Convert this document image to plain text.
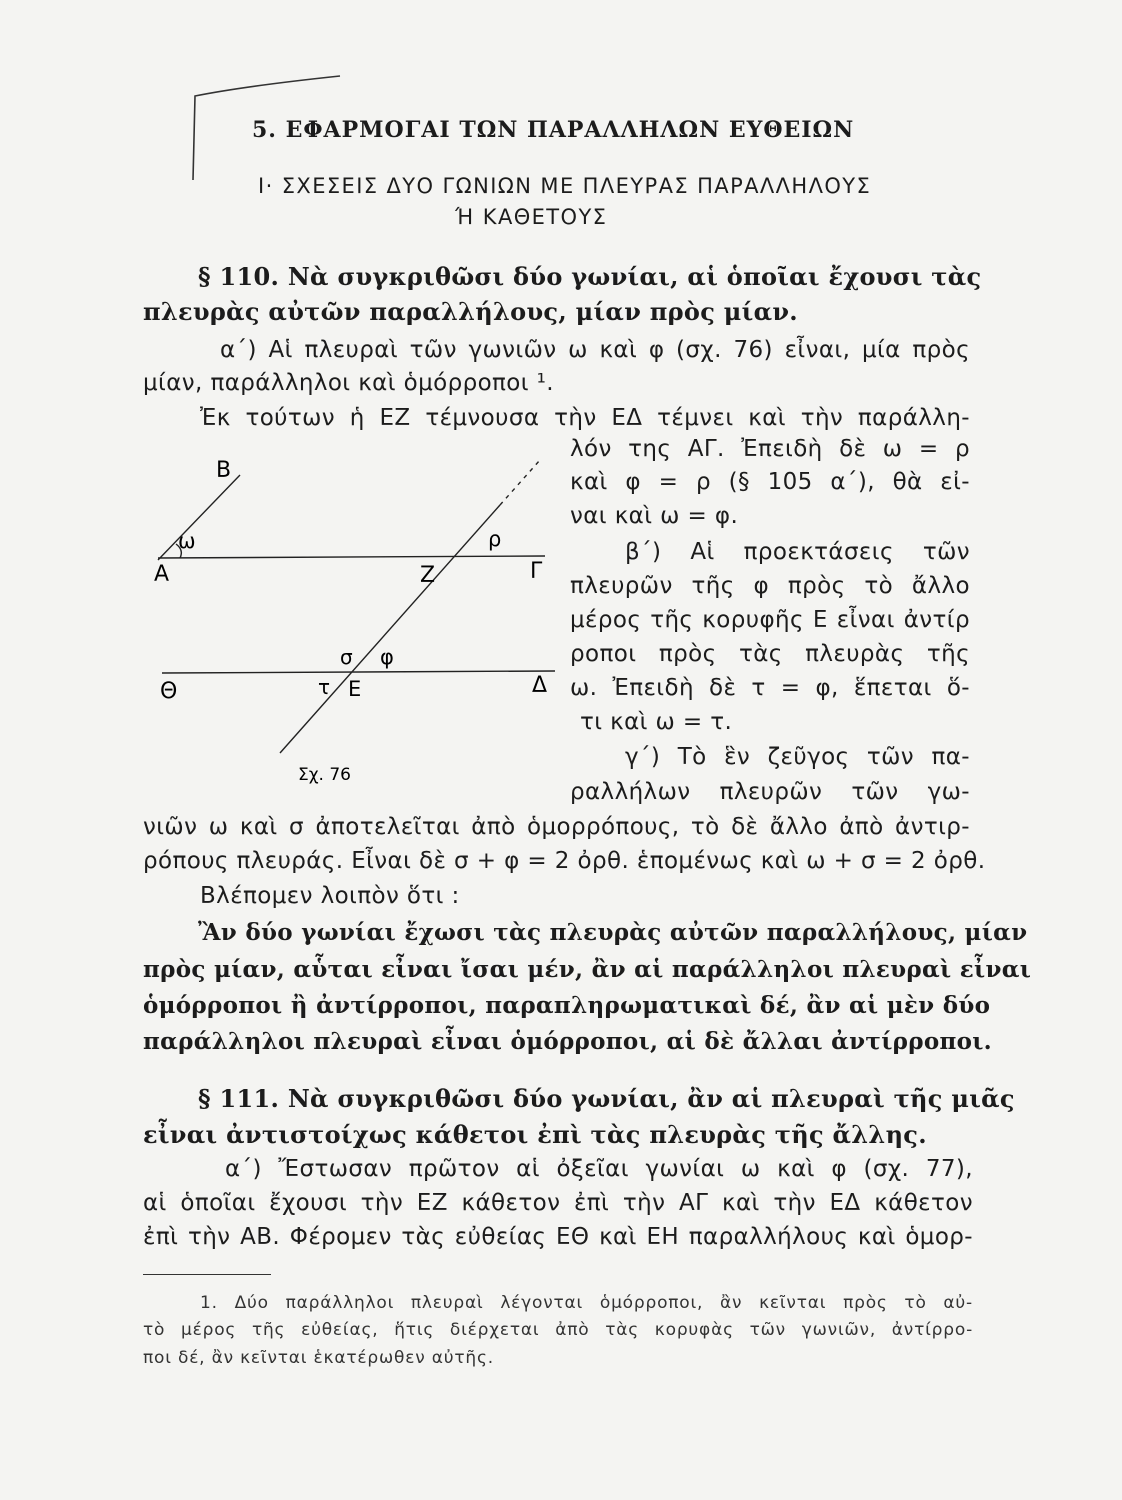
5. ΕΦΑΡΜΟΓΑΙ ΤΩΝ ΠΑΡΑΛΛΗΛΩΝ ΕΥΘΕΙΩΝ
I· ΣΧΕΣΕΙΣ ΔΥΟ ΓΩΝΙΩΝ ΜΕ ΠΛΕΥΡΑΣ ΠΑΡΑΛΛΗΛΟΥΣ
Ή ΚΑΘΕΤΟΥΣ
§ 110. Νὰ συγκριθῶσι δύο γωνίαι, αἱ ὁποῖαι ἔχουσι τὰς
πλευρὰς αὐτῶν παραλλήλους, μίαν πρὸς μίαν.
α΄) Αἱ πλευραὶ τῶν γωνιῶν ω καὶ φ (σχ. 76) εἶναι, μία πρὸς
μίαν, παράλληλοι καὶ ὁμόρροποι ¹.
Ἐκ τούτων ἡ ΕΖ τέμνουσα τὴν ΕΔ τέμνει καὶ τὴν παράλλη-
λόν της ΑΓ. Ἐπειδὴ δὲ ω = ρ
καὶ φ = ρ (§ 105 α΄), θὰ εἰ-
ναι καὶ ω = φ.
β΄) Αἱ προεκτάσεις τῶν
πλευρῶν τῆς φ πρὸς τὸ ἄλλο
μέρος τῆς κορυφῆς Ε εἶναι ἀντίρ
ροποι πρὸς τὰς πλευρὰς τῆς
ω. Ἐπειδὴ δὲ τ = φ, ἕπεται ὅ-
τι καὶ ω = τ.
γ΄) Τὸ ἓν ζεῦγος τῶν πα-
ραλλήλων πλευρῶν τῶν γω-
Β
ω
Α	Ζ
ρ
Γ
σ φ
Θ	τ Ε	Δ
Σχ. 76
νιῶν ω καὶ σ ἀποτελεῖται ἀπὸ ὁμορρόπους, τὸ δὲ ἄλλο ἀπὸ ἀντιρ-
ρόπους πλευράς. Εἶναι δὲ σ + φ = 2 ὀρθ. ἑπομένως καὶ ω + σ = 2 ὀρθ.
Βλέπομεν λοιπὸν ὅτι :
Ἂν δύο γωνίαι ἔχωσι τὰς πλευρὰς αὐτῶν παραλλήλους, μίαν
πρὸς μίαν, αὗται εἶναι ἴσαι μέν, ἂν αἱ παράλληλοι πλευραὶ εἶναι
ὁμόρροποι ἢ ἀντίρροποι, παραπληρωματικαὶ δέ, ἂν αἱ μὲν δύο
παράλληλοι πλευραὶ εἶναι ὁμόρροποι, αἱ δὲ ἄλλαι ἀντίρροποι.
§ 111. Νὰ συγκριθῶσι δύο γωνίαι, ἂν αἱ πλευραὶ τῆς μιᾶς
εἶναι ἀντιστοίχως κάθετοι ἐπὶ τὰς πλευρὰς τῆς ἄλλης.
α΄) Ἔστωσαν πρῶτον αἱ ὀξεῖαι γωνίαι ω καὶ φ (σχ. 77),
αἱ ὁποῖαι ἔχουσι τὴν ΕΖ κάθετον ἐπὶ τὴν ΑΓ καὶ τὴν ΕΔ κάθετον
ἐπὶ τὴν ΑΒ. Φέρομεν τὰς εὐθείας ΕΘ καὶ ΕΗ παραλλήλους καὶ ὁμορ-
1. Δύο παράλληλοι πλευραὶ λέγονται ὁμόρροποι, ἂν κεῖνται πρὸς τὸ αὐ-
τὸ μέρος τῆς εὐθείας, ἥτις διέρχεται ἀπὸ τὰς κορυφὰς τῶν γωνιῶν, ἀντίρρο-
ποι δέ, ἂν κεῖνται ἑκατέρωθεν αὐτῆς.
